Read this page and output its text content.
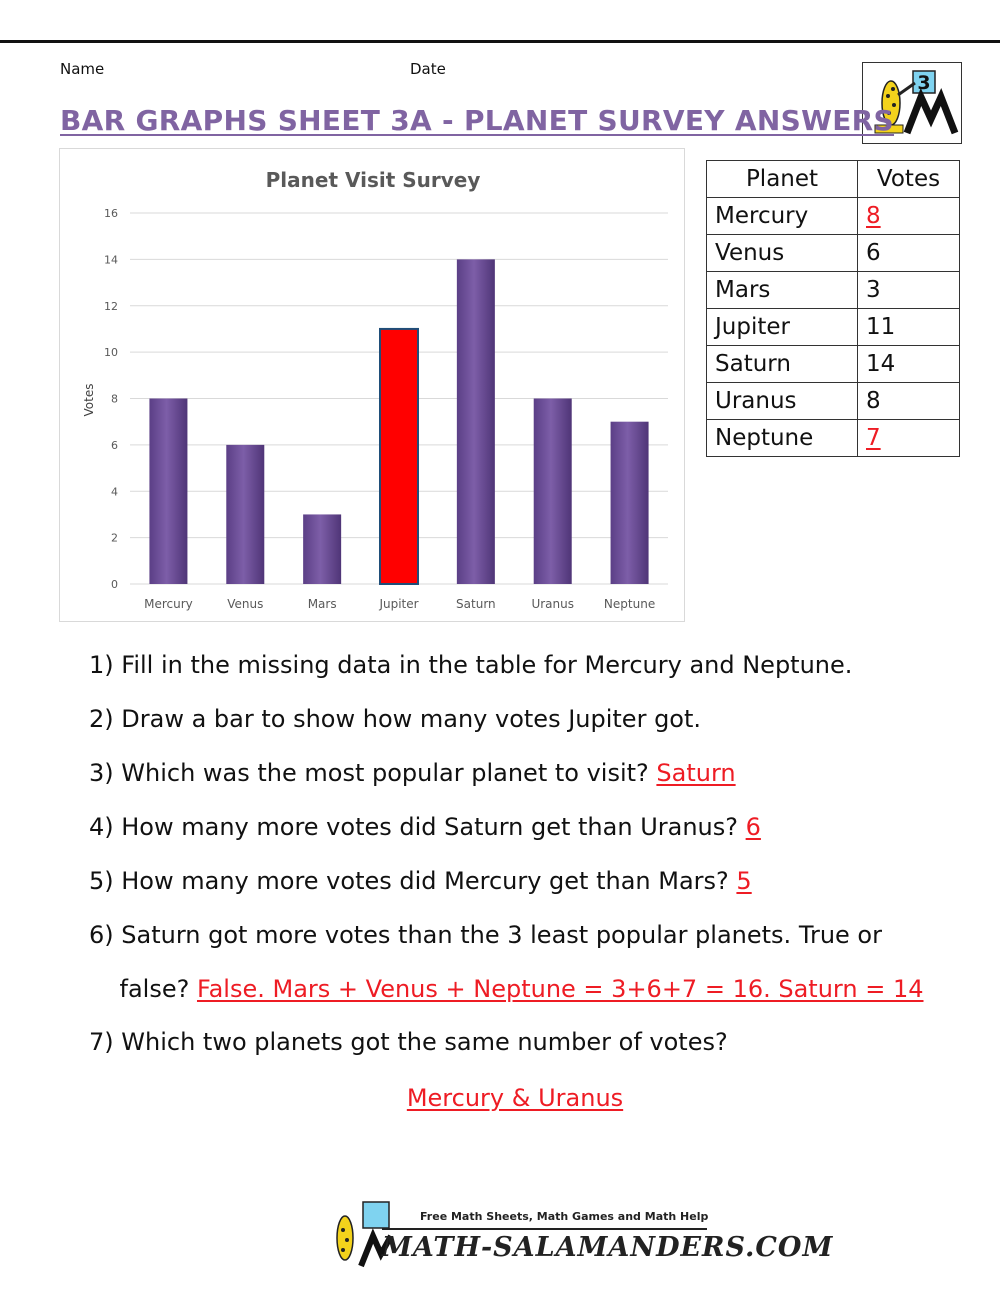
Name	Date
3
BAR GRAPHS SHEET 3A - PLANET SURVEY ANSWERS
Planet Visit Survey
Votes
0
2
4
6
8
10
12
14
16
Mercury	Venus	Mars	Jupiter	Saturn	Uranus Neptune
Planet	Votes
Mercury	8
Venus	6
Mars	3
Jupiter	11
Saturn	14
Uranus	8
Neptune	7
1) Fill in the missing data in the table for Mercury and Neptune.
2) Draw a bar to show how many votes Jupiter got.
3) Which was the most popular planet to visit? Saturn
4) How many more votes did Saturn get than Uranus? 6
5) How many more votes did Mercury get than Mars? 5
6) Saturn got more votes than the 3 least popular planets. True or
false? False. Mars + Venus + Neptune = 3+6+7 = 16. Saturn = 14
7) Which two planets got the same number of votes?
Mercury & Uranus
Free Math Sheets, Math Games and Math Help
MATH-SALAMANDERS.COM
